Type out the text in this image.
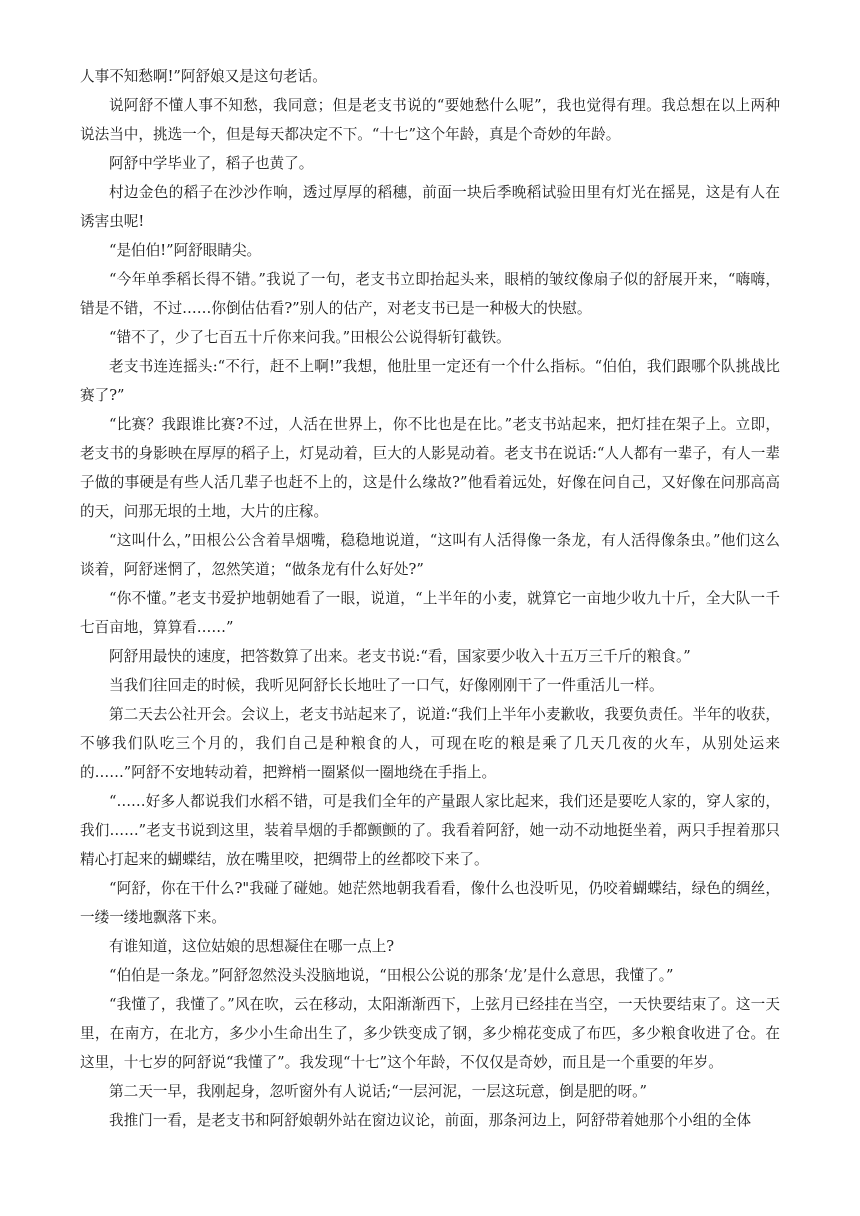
人事不知愁啊!”阿舒娘又是这句老话。

说阿舒不懂人事不知愁，我同意；但是老支书说的“要她愁什么呢”，我也觉得有理。我总想在以上两种说法当中，挑选一个，但是每天都决定不下。“十七”这个年龄，真是个奇妙的年龄。

阿舒中学毕业了，稻子也黄了。

村边金色的稻子在沙沙作响，透过厚厚的稻穗，前面一块后季晚稻试验田里有灯光在摇晃，这是有人在诱害虫呢!

“是伯伯!”阿舒眼睛尖。

“今年单季稻长得不错。”我说了一句，老支书立即抬起头来，眼梢的皱纹像扇子似的舒展开来，“嗨嗨，错是不错，不过……你倒估估看?”别人的估产，对老支书已是一种极大的快慰。

“错不了，少了七百五十斤你来问我。”田根公公说得斩钉截铁。

老支书连连摇头:“不行，赶不上啊!”我想，他肚里一定还有一个什么指标。“伯伯，我们跟哪个队挑战比赛了?”

“比赛？我跟谁比赛?不过，人活在世界上，你不比也是在比。”老支书站起来，把灯挂在架子上。立即，老支书的身影映在厚厚的稻子上，灯晃动着，巨大的人影晃动着。老支书在说话:“人人都有一辈子，有人一辈子做的事硬是有些人活几辈子也赶不上的，这是什么缘故?”他看着远处，好像在问自己，又好像在问那高高的天，问那无垠的土地，大片的庄稼。

“这叫什么，”田根公公含着旱烟嘴，稳稳地说道，“这叫有人活得像一条龙，有人活得像条虫。”他们这么谈着，阿舒迷惘了，忽然笑道；“做条龙有什么好处?”

“你不懂。”老支书爱护地朝她看了一眼，说道，“上半年的小麦，就算它一亩地少收九十斤，全大队一千七百亩地，算算看……”

阿舒用最快的速度，把答数算了出来。老支书说:“看，国家要少收入十五万三千斤的粮食。”

当我们往回走的时候，我听见阿舒长长地吐了一口气，好像刚刚干了一件重活儿一样。

第二天去公社开会。会议上，老支书站起来了，说道:“我们上半年小麦歉收，我要负责任。半年的收获，不够我们队吃三个月的，我们自己是种粮食的人，可现在吃的粮是乘了几天几夜的火车，从别处运来的……”阿舒不安地转动着，把辫梢一圈紧似一圈地绕在手指上。

“……好多人都说我们水稻不错，可是我们全年的产量跟人家比起来，我们还是要吃人家的，穿人家的，我们……”老支书说到这里，装着旱烟的手都颤颤的了。我看着阿舒，她一动不动地挺坐着，两只手捏着那只精心打起来的蝴蝶结，放在嘴里咬，把绸带上的丝都咬下来了。

“阿舒，你在干什么?"我碰了碰她。她茫然地朝我看看，像什么也没听见，仍咬着蝴蝶结，绿色的绸丝，一缕一缕地飘落下来。

有谁知道，这位姑娘的思想凝住在哪一点上?

“伯伯是一条龙。”阿舒忽然没头没脑地说，“田根公公说的那条‘龙’是什么意思，我懂了。”

“我懂了，我懂了。”风在吹，云在移动，太阳渐渐西下，上弦月已经挂在当空，一天快要结束了。这一天里，在南方，在北方，多少小生命出生了，多少铁变成了钢，多少棉花变成了布匹，多少粮食收进了仓。在这里，十七岁的阿舒说“我懂了”。我发现“十七”这个年龄，不仅仅是奇妙，而且是一个重要的年岁。

第二天一早，我刚起身，忽听窗外有人说话;“一层河泥，一层这玩意，倒是肥的呀。”

我推门一看，是老支书和阿舒娘朝外站在窗边议论，前面，那条河边上，阿舒带着她那个小组的全体
